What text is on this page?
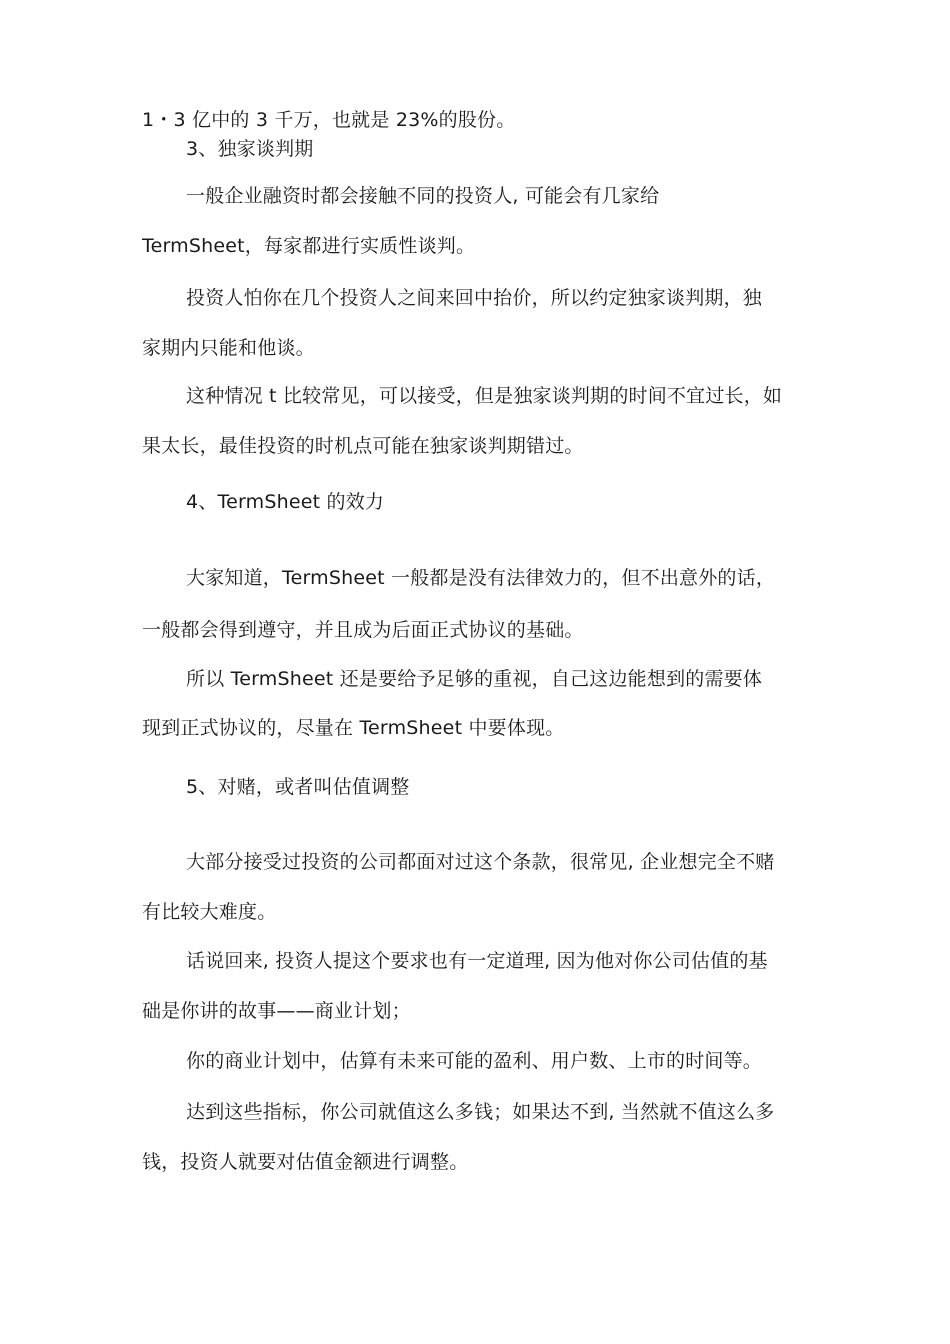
1・3 亿中的 3 千万，也就是 23%的股份。
3、独家谈判期
一般企业融资时都会接触不同的投资人, 可能会有几家给
TermSheet，每家都进行实质性谈判。
投资人怕你在几个投资人之间来回中抬价，所以约定独家谈判期，独
家期内只能和他谈。
这种情况 t 比较常见，可以接受，但是独家谈判期的时间不宜过长，如
果太长，最佳投资的时机点可能在独家谈判期错过。
4、TermSheet 的效力
大家知道，TermSheet 一般都是没有法律效力的，但不出意外的话，
一般都会得到遵守，并且成为后面正式协议的基础。
所以 TermSheet 还是要给予足够的重视，自己这边能想到的需要体
现到正式协议的，尽量在 TermSheet 中要体现。
5、对赌，或者叫估值调整
大部分接受过投资的公司都面对过这个条款，很常见, 企业想完全不赌
有比较大难度。
话说回来, 投资人提这个要求也有一定道理, 因为他对你公司估值的基
础是你讲的故事——商业计划；
你的商业计划中，估算有未来可能的盈利、用户数、上市的时间等。
达到这些指标，你公司就值这么多钱；如果达不到, 当然就不值这么多
钱，投资人就要对估值金额进行调整。
